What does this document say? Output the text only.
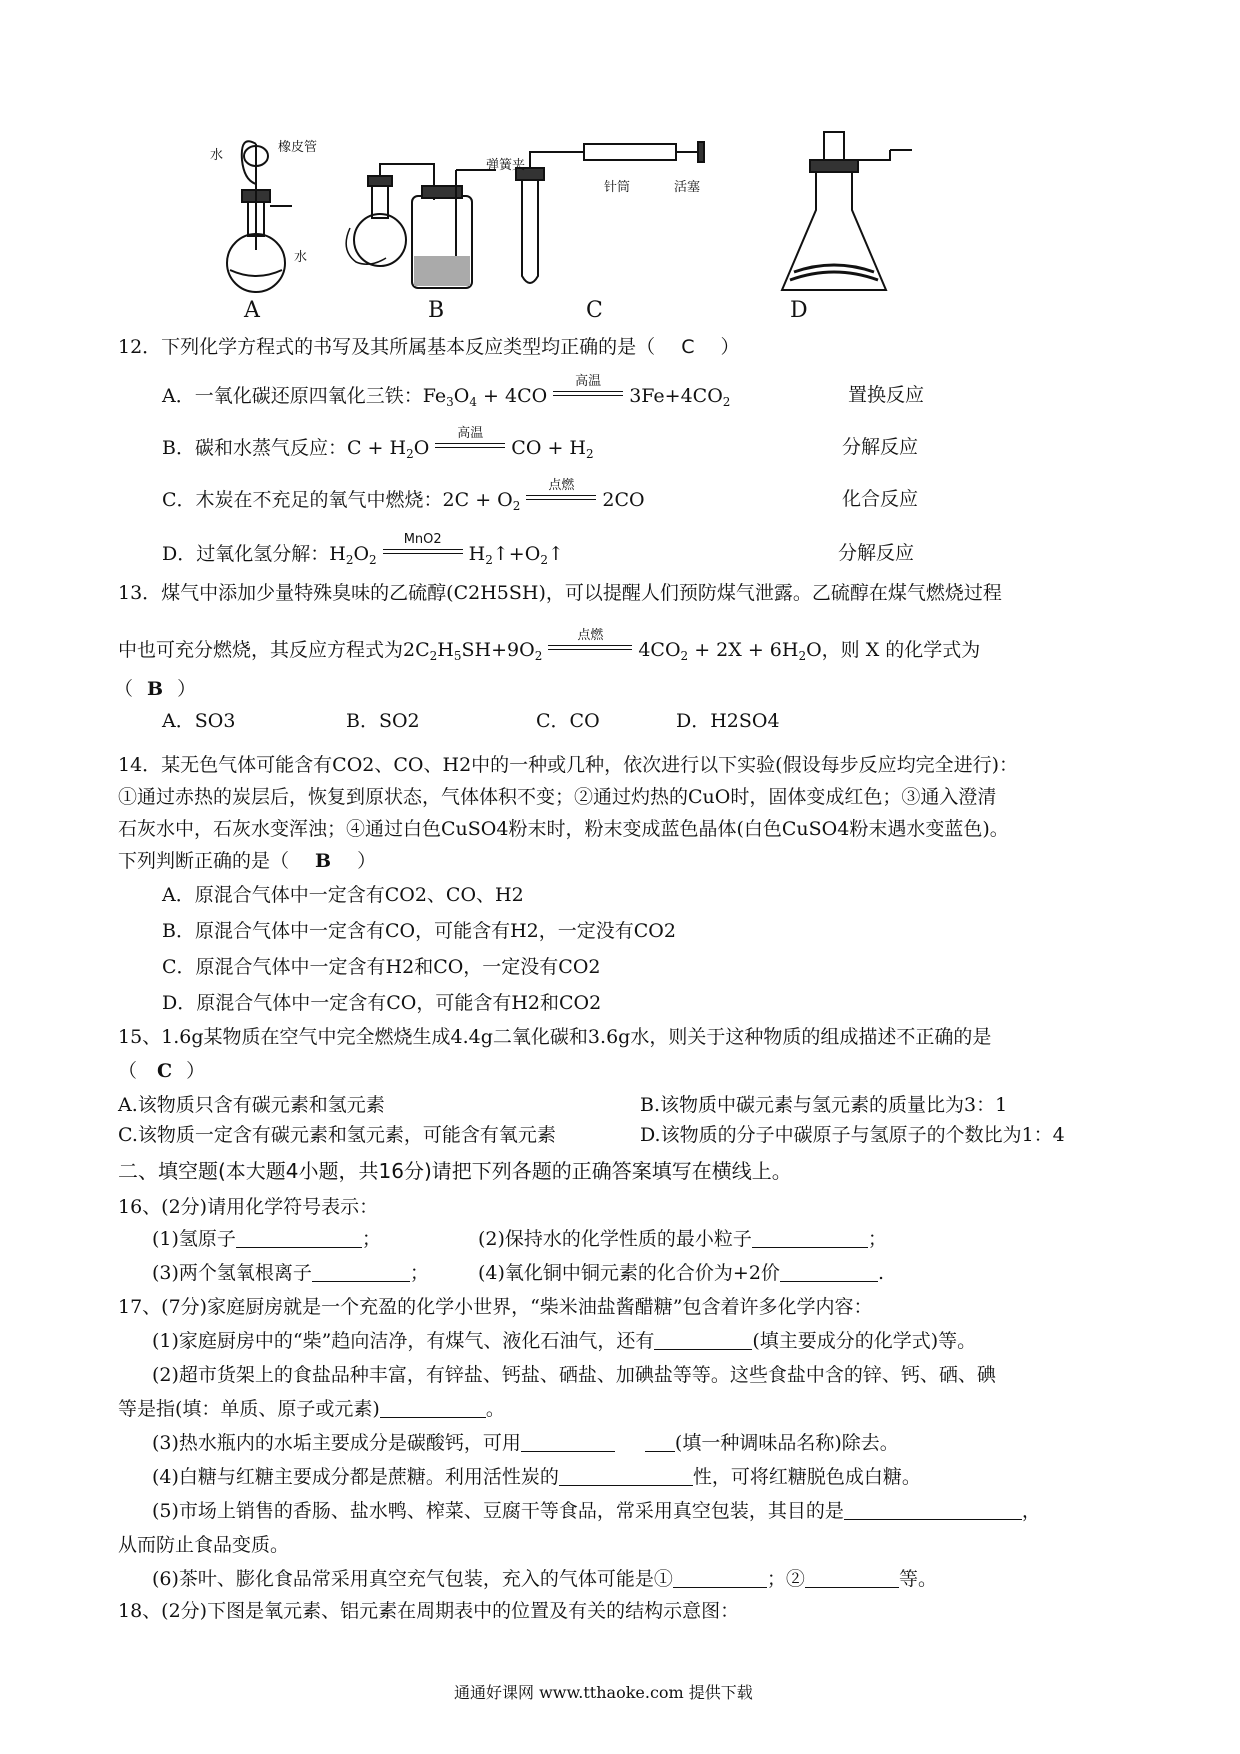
水
橡皮管
水
弹簧夹
针筒	活塞
A	B	C	D
12．下列化学方程式的书写及其所属基本反应类型均正确的是（ C ）
A．一氧化碳还原四氧化三铁：$Fe_3O_4 + 4CO$
高温
$3Fe+4CO_2$	置换反应
B．碳和水蒸气反应：$C + H_2O$
高温
CO + $H_2$	分解反应
C．木炭在不充足的氧气中燃烧：$2C + O_2$
点燃
2CO	化合反应
D．过氧化氢分解：$H_2O_2$
MnO2
$H_2↑+O_2↑$	分解反应
13．煤气中添加少量特殊臭味的乙硫醇(C2H5SH)，可以提醒人们预防煤气泄露。乙硫醇在煤气燃烧过程
中也可充分燃烧，其反应方程式为$2C_2H_5SH+9O_2$
点燃
$4CO_2 + 2X + 6H_2O$，则 X 的化学式为
（ B ）
A．SO3	B．SO2	C．CO	D．H2SO4
14．某无色气体可能含有CO2、CO、H2中的一种或几种，依次进行以下实验(假设每步反应均完全进行)：
①通过赤热的炭层后，恢复到原状态，气体体积不变；②通过灼热的CuO时，固体变成红色；③通入澄清
石灰水中，石灰水变浑浊；④通过白色CuSO4粉末时，粉末变成蓝色晶体(白色CuSO4粉末遇水变蓝色)。
下列判断正确的是（ B ）
A．原混合气体中一定含有CO2、CO、H2
B．原混合气体中一定含有CO，可能含有H2，一定没有CO2
C．原混合气体中一定含有H2和CO，一定没有CO2
D．原混合气体中一定含有CO，可能含有H2和CO2
15、1.6g某物质在空气中完全燃烧生成4.4g二氧化碳和3.6g水，则关于这种物质的组成描述不正确的是
（ C ）
A.该物质只含有碳元素和氢元素	B.该物质中碳元素与氢元素的质量比为3：1
C.该物质一定含有碳元素和氢元素，可能含有氧元素	D.该物质的分子中碳原子与氢原子的个数比为1：4
二、填空题(本大题4小题，共16分)请把下列各题的正确答案填写在横线上。
16、(2分)请用化学符号表示：
(1)氢原子	；	(2)保持水的化学性质的最小粒子	；
(3)两个氢氧根离子	；	(4)氧化铜中铜元素的化合价为+2价	.
17、(7分)家庭厨房就是一个充盈的化学小世界，“柴米油盐酱醋糖”包含着许多化学内容：
(1)家庭厨房中的“柴”趋向洁净，有煤气、液化石油气，还有	(填主要成分的化学式)等。
(2)超市货架上的食盐品种丰富，有锌盐、钙盐、硒盐、加碘盐等等。这些食盐中含的锌、钙、硒、碘
等是指(填：单质、原子或元素)	。
(3)热水瓶内的水垢主要成分是碳酸钙，可用	(填一种调味品名称)除去。
(4)白糖与红糖主要成分都是蔗糖。利用活性炭的	性，可将红糖脱色成白糖。
(5)市场上销售的香肠、盐水鸭、榨菜、豆腐干等食品，常采用真空包装，其目的是	，
从而防止食品变质。
(6)茶叶、膨化食品常采用真空充气包装，充入的气体可能是①	；②	等。
18、(2分)下图是氧元素、铝元素在周期表中的位置及有关的结构示意图：
通通好课网 www.tthaoke.com 提供下载
